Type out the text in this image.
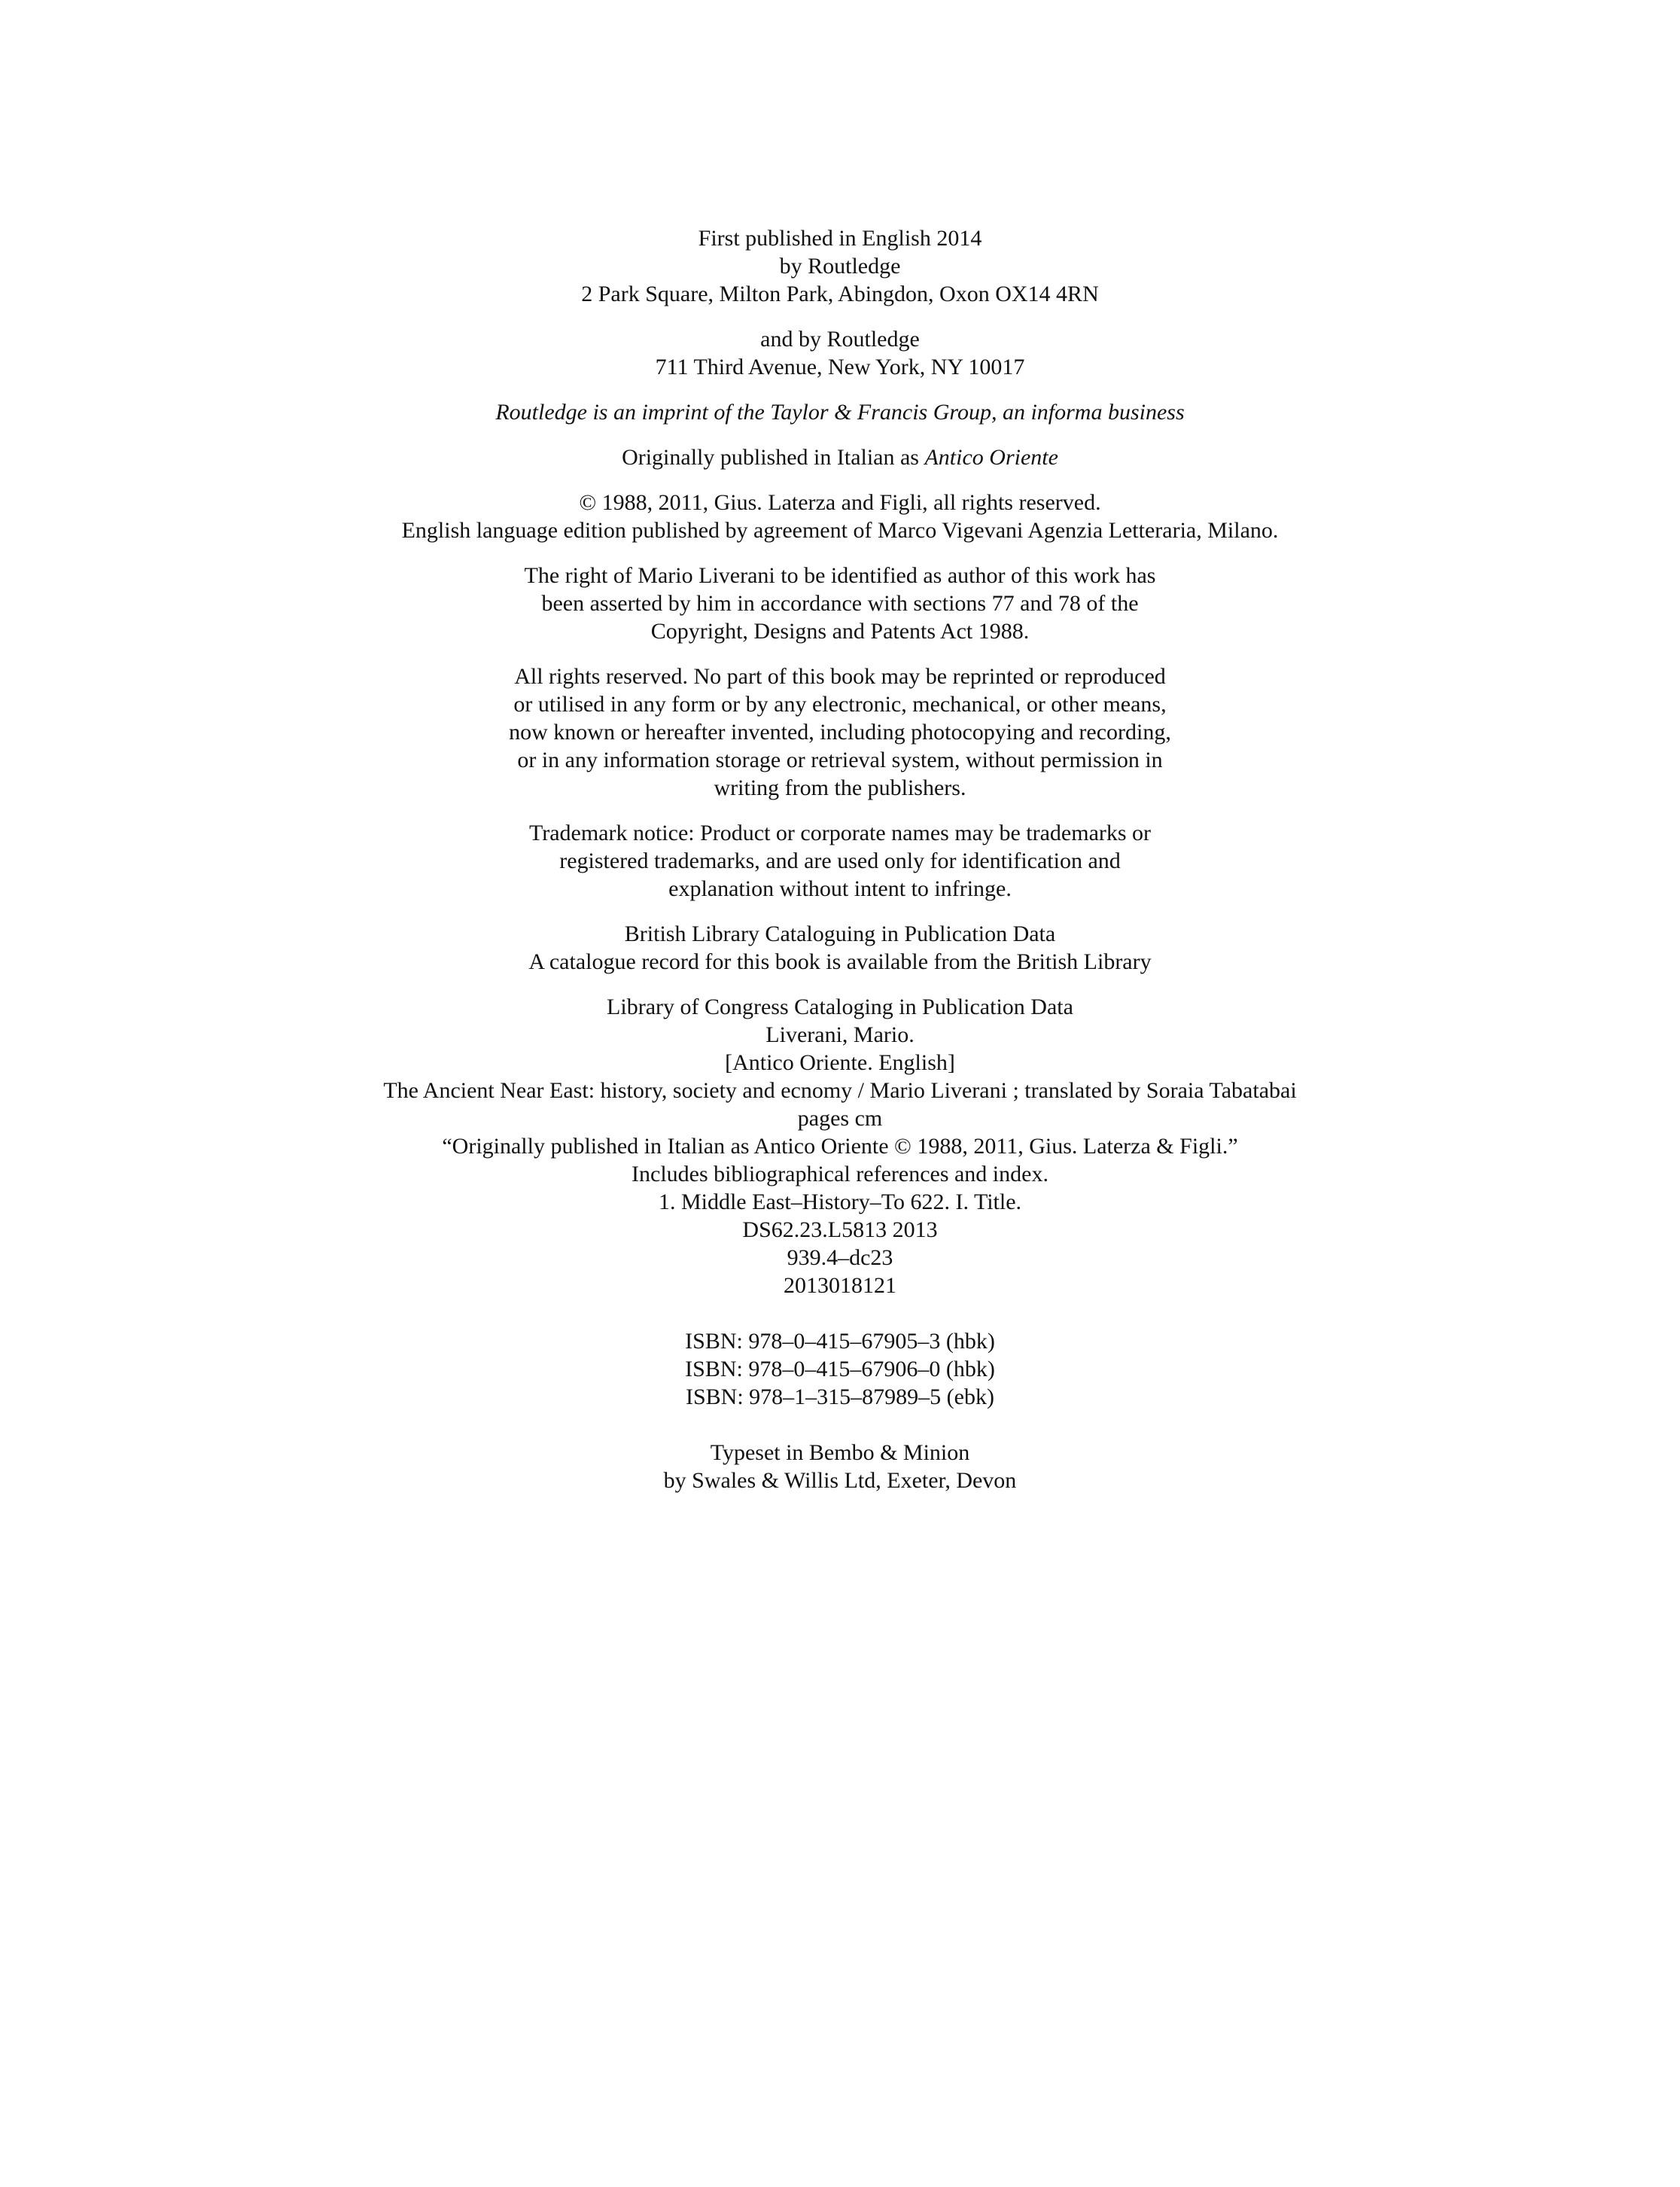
First published in English 2014
by Routledge
2 Park Square, Milton Park, Abingdon, Oxon OX14 4RN
and by Routledge
711 Third Avenue, New York, NY 10017
Routledge is an imprint of the Taylor & Francis Group, an informa business
Originally published in Italian as Antico Oriente
© 1988, 2011, Gius. Laterza and Figli, all rights reserved.
English language edition published by agreement of Marco Vigevani Agenzia Letteraria, Milano.
The right of Mario Liverani to be identified as author of this work has
been asserted by him in accordance with sections 77 and 78 of the
Copyright, Designs and Patents Act 1988.
All rights reserved. No part of this book may be reprinted or reproduced
or utilised in any form or by any electronic, mechanical, or other means,
now known or hereafter invented, including photocopying and recording,
or in any information storage or retrieval system, without permission in
writing from the publishers.
Trademark notice: Product or corporate names may be trademarks or
registered trademarks, and are used only for identification and
explanation without intent to infringe.
British Library Cataloguing in Publication Data
A catalogue record for this book is available from the British Library
Library of Congress Cataloging in Publication Data
Liverani, Mario.
[Antico Oriente. English]
The Ancient Near East: history, society and ecnomy / Mario Liverani ; translated by Soraia Tabatabai
pages cm
“Originally published in Italian as Antico Oriente © 1988, 2011, Gius. Laterza & Figli.”
Includes bibliographical references and index.
1. Middle East–History–To 622. I. Title.
DS62.23.L5813 2013
939.4–dc23
2013018121
ISBN: 978–0–415–67905–3 (hbk)
ISBN: 978–0–415–67906–0 (hbk)
ISBN: 978–1–315–87989–5 (ebk)
Typeset in Bembo & Minion
by Swales & Willis Ltd, Exeter, Devon
